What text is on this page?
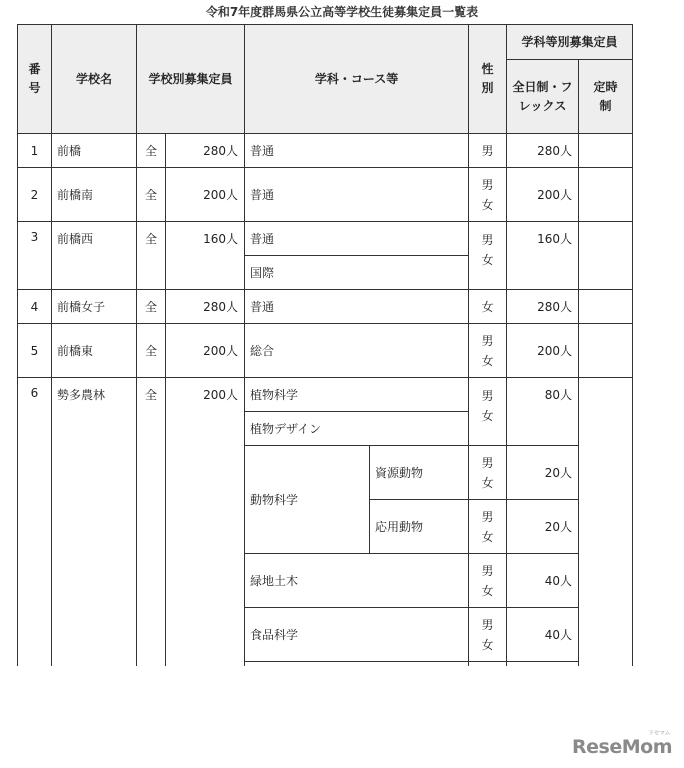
令和7年度群馬県公立高等学校生徒募集定員一覧表
番号	学校名	学校別募集定員		学科・コース等		性別	学科等別募集定員	
							全日制・フレックス	定時制
1	前橋	全	280人	普通		男	280人	
2	前橋南	全	200人	普通		男女	200人	
3	前橋西	全	160人	普通		男女	160人	
				国際				
4	前橋女子	全	280人	普通		女	280人	
5	前橋東	全	200人	総合		男女	200人	
6	勢多農林	全	200人	植物科学		男女	80人	
				植物デザイン				
				動物科学	資源動物	男女	20人	
					応用動物	男女	20人	
				緑地土木		男女	40人	
				食品科学		男女	40人	

リセマム
ReseMom
